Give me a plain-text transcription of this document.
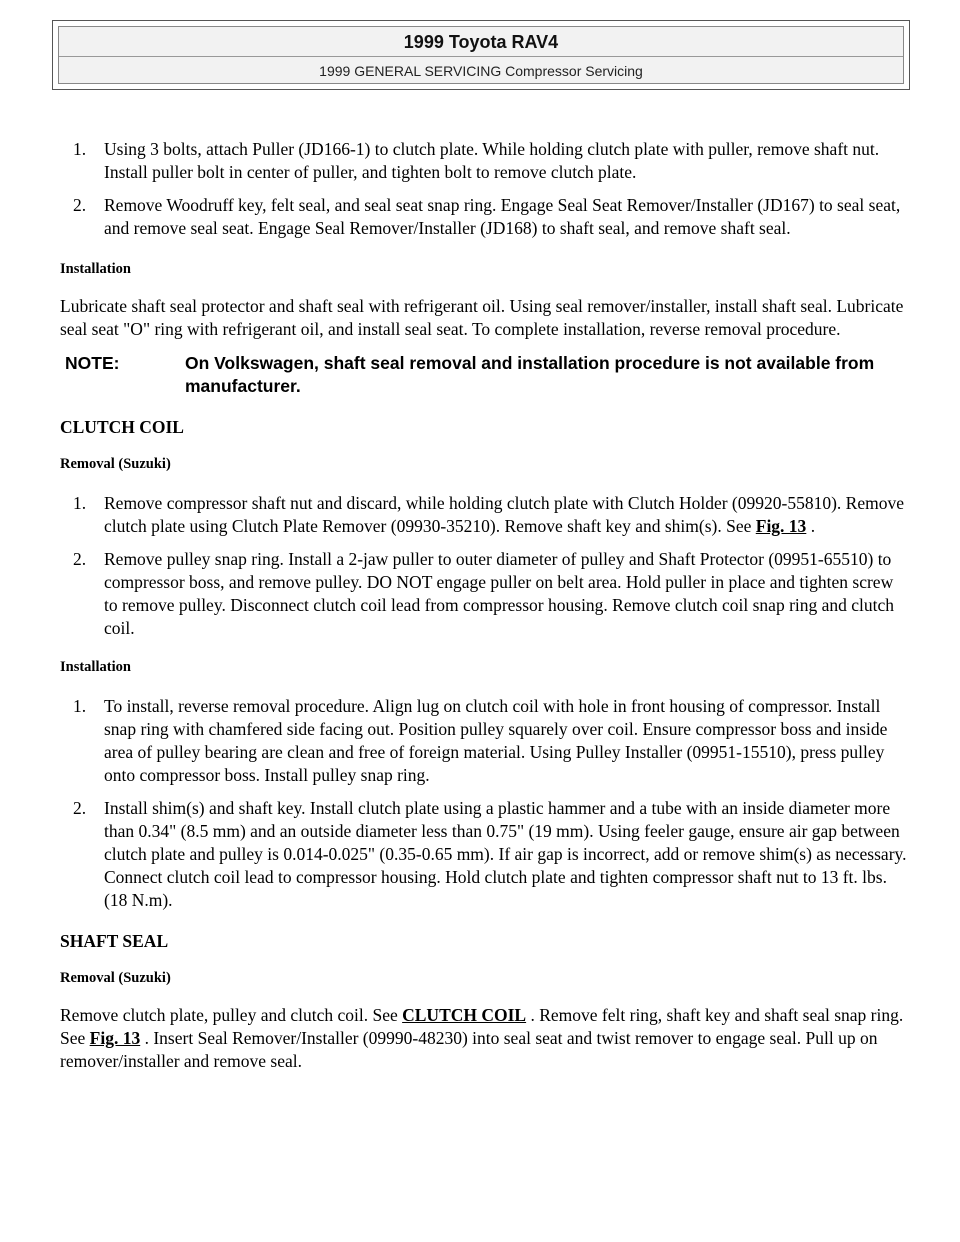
1999 Toyota RAV4
1999 GENERAL SERVICING Compressor Servicing
1. Using 3 bolts, attach Puller (JD166-1) to clutch plate. While holding clutch plate with puller, remove shaft nut. Install puller bolt in center of puller, and tighten bolt to remove clutch plate.
2. Remove Woodruff key, felt seal, and seal seat snap ring. Engage Seal Seat Remover/Installer (JD167) to seal seat, and remove seal seat. Engage Seal Remover/Installer (JD168) to shaft seal, and remove shaft seal.
Installation

Lubricate shaft seal protector and shaft seal with refrigerant oil. Using seal remover/installer, install shaft seal. Lubricate seal seat "O" ring with refrigerant oil, and install seal seat. To complete installation, reverse removal procedure.

NOTE:	On Volkswagen, shaft seal removal and installation procedure is not available from manufacturer.
CLUTCH COIL
Removal (Suzuki)
1. Remove compressor shaft nut and discard, while holding clutch plate with Clutch Holder (09920-55810). Remove clutch plate using Clutch Plate Remover (09930-35210). Remove shaft key and shim(s). See Fig. 13 .
2. Remove pulley snap ring. Install a 2-jaw puller to outer diameter of pulley and Shaft Protector (09951-65510) to compressor boss, and remove pulley. DO NOT engage puller on belt area. Hold puller in place and tighten screw to remove pulley. Disconnect clutch coil lead from compressor housing. Remove clutch coil snap ring and clutch coil.
Installation
1. To install, reverse removal procedure. Align lug on clutch coil with hole in front housing of compressor. Install snap ring with chamfered side facing out. Position pulley squarely over coil. Ensure compressor boss and inside area of pulley bearing are clean and free of foreign material. Using Pulley Installer (09951-15510), press pulley onto compressor boss. Install pulley snap ring.
2. Install shim(s) and shaft key. Install clutch plate using a plastic hammer and a tube with an inside diameter more than 0.34" (8.5 mm) and an outside diameter less than 0.75" (19 mm). Using feeler gauge, ensure air gap between clutch plate and pulley is 0.014-0.025" (0.35-0.65 mm). If air gap is incorrect, add or remove shim(s) as necessary. Connect clutch coil lead to compressor housing. Hold clutch plate and tighten compressor shaft nut to 13 ft. lbs. (18 N.m).
SHAFT SEAL
Removal (Suzuki)

Remove clutch plate, pulley and clutch coil. See CLUTCH COIL . Remove felt ring, shaft key and shaft seal snap ring. See Fig. 13 . Insert Seal Remover/Installer (09990-48230) into seal seat and twist remover to engage seal. Pull up on remover/installer and remove seal.
